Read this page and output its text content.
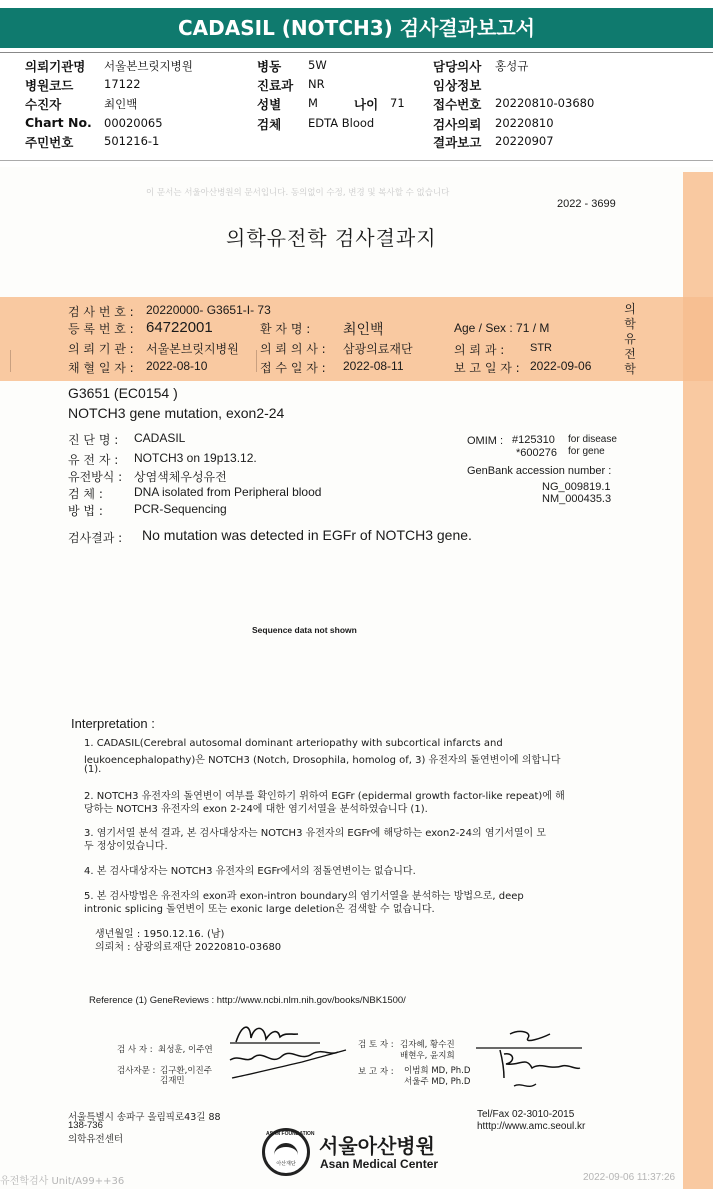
CADASIL (NOTCH3) 검사결과보고서
의뢰기관명 서울본브릿지병원
병원코드	17122
수진자	최인백
Chart No. 00020065
주민번호	501216-1
병동 5W
진료과 NR
성별 M	나이 71
검체 EDTA Blood
담당의사 홍성규
임상정보
접수번호 20220810-03680
검사의뢰 20220810
결과보고 20220907
이 문서는 서울아산병원의 문서입니다. 동의없이 수정, 변경 및 복사할 수 없습니다
2022 - 3699
의학유전학 검사결과지
검 사 번 호 : 20220000- G3651-I- 73
등 록 번 호 : 64722001	환 자 명 : 최인백	Age / Sex : 71 / M
의 뢰 기 관 : 서울본브릿지병원 의 뢰 의 사 : 삼광의료재단	의 뢰 과 : STR
채 혈 일 자 : 2022-08-10	접 수 일 자 : 2022-08-11	보 고 일 자 : 2022-09-06
의학유전학
G3651 (EC0154 )
NOTCH3 gene mutation, exon2-24
진 단 명 : CADASIL
유 전 자 : NOTCH3 on 19p13.12.
유전방식 : 상염색체우성유전
검 체 :	DNA isolated from Peripheral blood
방 법 :	PCR-Sequencing
OMIM : #125310 for disease
*600276 for gene
GenBank accession number :
NG_009819.1
NM_000435.3
검사결과 : No mutation was detected in EGFr of NOTCH3 gene.
Sequence data not shown
Interpretation :
1. CADASIL(Cerebral autosomal dominant arteriopathy with subcortical infarcts and
leukoencephalopathy)은 NOTCH3 (Notch, Drosophila, homolog of, 3) 유전자의 돌연변이에 의합니다
(1).
2. NOTCH3 유전자의 돌연변이 여부를 확인하기 위하여 EGFr (epidermal growth factor-like repeat)에 해
당하는 NOTCH3 유전자의 exon 2-24에 대한 염기서열을 분석하였습니다 (1).
3. 염기서열 분석 결과, 본 검사대상자는 NOTCH3 유전자의 EGFr에 해당하는 exon2-24의 염기서열이 모
두 정상이었습니다.
4. 본 검사대상자는 NOTCH3 유전자의 EGFr에서의 점돌연변이는 없습니다.
5. 본 검사방법은 유전자의 exon과 exon-intron boundary의 염기서열을 분석하는 방법으로, deep
intronic splicing 돌연변이 또는 exonic large deletion은 검색할 수 없습니다.
생년월일 : 1950.12.16. (남)
의뢰처 : 삼광의료재단 20220810-03680
Reference (1) GeneReviews : http://www.ncbi.nlm.nih.gov/books/NBK1500/
검 사 자 : 최성훈, 이주연
검사자문 : 김구환,이진주
김재민
검 토 자 : 김자혜, 황수진
배현우, 윤지희
보 고 자 : 이범희 MD, Ph.D
서울주 MD, Ph.D
서울특별시 송파구 올림픽로43길 88
138-736
의학유전센터
Tel/Fax 02-3010-2015
htttp://www.amc.seoul.kr
ASAN FOUNDATION
아산재단
서울아산병원
Asan Medical Center
유전학검사 Unit/A99++36	2022-09-06 11:37:26
